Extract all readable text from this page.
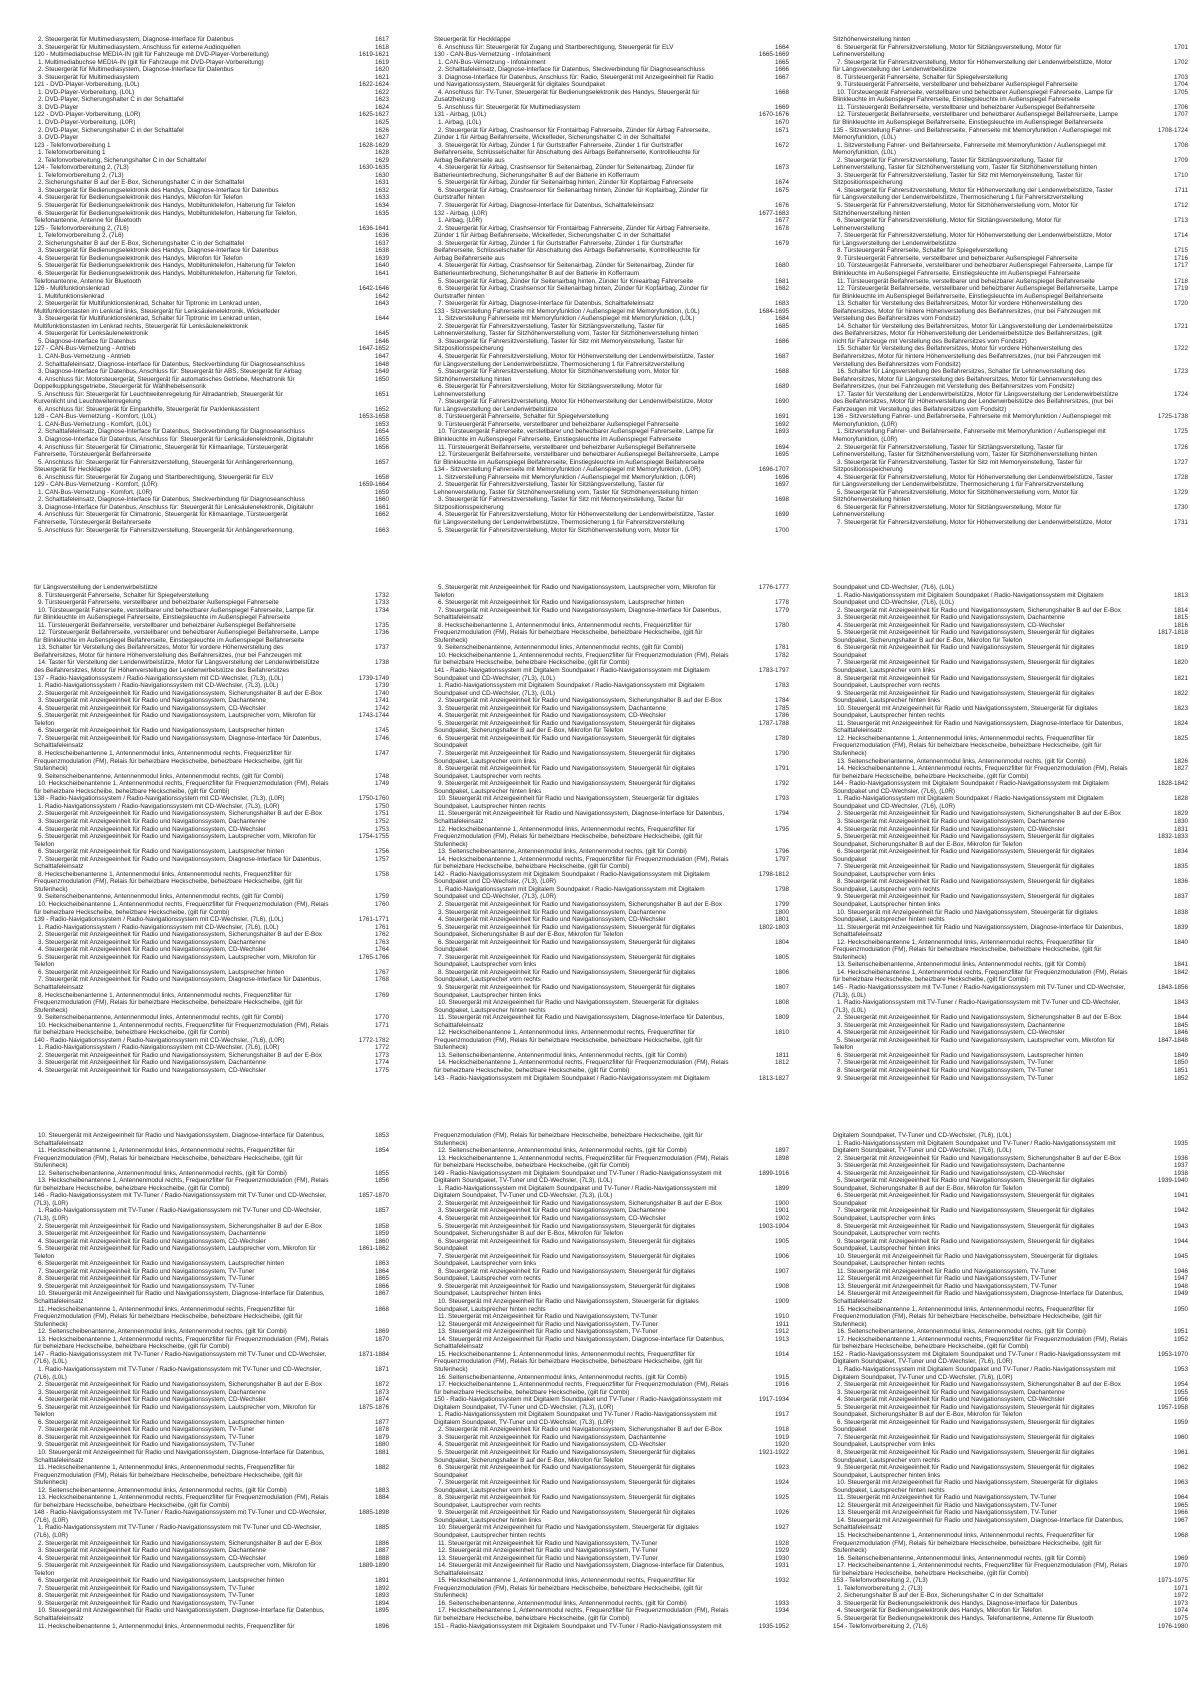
2. Steuergerät für Multimediasystem, Diagnose-Interface für Datenbus	1617
3. Steuergerät für Multimediasystem, Anschluss für externe Audioquellen	1618
120 - Multimediabuchse MEDIA-IN (gilt für Fahrzeuge mit DVD-Player-Vorbereitung)	1619-1621
1. Multimediabuchse MEDIA-IN (gilt für Fahrzeuge mit DVD-Player-Vorbereitung)	1619
2. Steuergerät für Multimediasystem, Diagnose-Interface für Datenbus	1620
3. Steuergerät für Multimediasystem	1621
121 - DVD-Player-Vorbereitung, (L0L)	1622-1624
1. DVD-Player-Vorbereitung, (L0L)	1622
2. DVD-Player, Sicherungshalter C in der Schalttafel	1623
3. DVD-Player	1624
122 - DVD-Player-Vorbereitung, (L0R)	1625-1627
1. DVD-Player-Vorbereitung, (L0R)	1625
2. DVD-Player, Sicherungshalter C in der Schalttafel	1626
3. DVD-Player	1627
123 - Telefonvorbereitung 1	1628-1629
1. Telefonvorbereitung 1	1628
2. Telefonvorbereitung, Sicherungshalter C in der Schalttafel	1629
124 - Telefonvorbereitung 2, (7L3)	1630-1635
1. Telefonvorbereitung 2, (7L3)	1630
2. Sicherungshalter B auf der E-Box, Sicherungshalter C in der Schalttafel	1631
3. Steuergerät für Bedienungselektronik des Handys, Diagnose-Interface für Datenbus	1632
4. Steuergerät für Bedienungselektronik des Handys, Mikrofon für Telefon	1633
5. Steuergerät für Bedienungselektronik des Handys, Mobiltunktelefon, Halterung für Telefon	1634
6. Steuergerät für Bedienungselektronik des Handys, Mobiltunktelefon, Halterung für Telefon,	1635
Telefonantenne, Antenne für Bluetooth
125 - Telefonvorbereitung 2, (7L6)	1636-1641
1. Telefonvorbereitung 2, (7L6)	1636
2. Sicherungshalter B auf der E-Box, Sicherungshalter C in der Schalttafel	1637
3. Steuergerät für Bedienungselektronik des Handys, Diagnose-Interface für Datenbus	1638
4. Steuergerät für Bedienungselektronik des Handys, Mikrofon für Telefon	1639
5. Steuergerät für Bedienungselektronik des Handys, Mobiltunktelefon, Halterung für Telefon	1640
6. Steuergerät für Bedienungselektronik des Handys, Mobiltunktelefon, Halterung für Telefon,	1641
Telefonantenne, Antenne für Bluetooth
126 - Multifunktionslenkrad	1642-1646
1. Multifunktionslenkrad	1642
2. Steuergerät für Multifunktionslenkrad, Schalter für Tiptronic im Lenkrad unten,	1643
Multifunktionstasten im Lenkrad links, Steuergerät für Lenksäulenelektronik, Wickelfeder
3. Steuergerät für Multifunktionslenkrad, Schalter für Tiptronic im Lenkrad unten,	1644
Multifunktionstasten im Lenkrad rechts, Steuergerät für Lenksäulenelektronik
4. Steuergerät für Lenksäulenelektronik	1645
5. Diagnose-Interface für Datenbus	1646
127 - CAN-Bus-Vernetzung - Antrieb	1647-1652
1. CAN-Bus-Vernetzung - Antrieb	1647
2. Schalttafeleinsatz, Diagnose-Interface für Datenbus, Steckverbindung für Diagnoseanschluss	1648
3. Diagnose-Interface für Datenbus, Anschluss für: Steuergerät für ABS, Steuergerät für Airbag	1649
4. Anschluss für: Motorsteuergerät, Steuergerät für automatisches Getriebe, Mechatronik für	1650
Doppelkupplungsgetriebe, Steuergerät für Wählhebelsensorik
5. Anschluss für: Steuergerät für Leuchtweitenregelung für Allradantrieb, Steuergerät für	1651
Kurvenlicht und Leuchtweitenregelung
6. Anschluss für: Steuergerät für Einparkhilfe, Steuergerät für Parklenkassistent	1652
128 - CAN-Bus-Vernetzung - Komfort, (L0L)	1653-1658
1. CAN-Bus-Vernetzung - Komfort, (L0L)	1653
2. Schalttafeleinsatz, Diagnose-Interface für Datenbus, Steckverbindung für Diagnoseanschluss	1654
3. Diagnose-Interface für Datenbus, Anschluss für: Steuergerät für Lenksäulenelektronik, Digitaluhr	1655
4. Anschluss für: Steuergerät für Climatronic, Steuergerät für Klimaanlage, Türsteuergerät	1656
Fahrerseite, Türsteuergerät Beifahrerseite
5. Anschluss für: Steuergerät für Fahrersitzverstellung, Steuergerät für Anhängererkennung,	1657
Steuergerät für Heckklappe
6. Anschluss für: Steuergerät für Zugang und Startberechtigung, Steuergerät für ELV	1658
129 - CAN-Bus-Vernetzung - Komfort, (L0R)	1659-1664
1. CAN-Bus-Vernetzung - Komfort, (L0R)	1659
2. Schalttafeleinsatz, Diagnose-Interface für Datenbus, Steckverbindung für Diagnoseanschluss	1660
3. Diagnose-Interface für Datenbus, Anschluss für: Steuergerät für Lenksäulenelektronik, Digitaluhr	1661
4. Anschluss für: Steuergerät für Climatronic, Steuergerät für Klimaanlage, Türsteuergerät	1662
Fahrerseite, Türsteuergerät Beifahrerseite
5. Anschluss für: Steuergerät für Fahrersitzverstellung, Steuergerät für Anhängererkennung,	1663
Steuergerät für Heckklappe
6. Anschluss für: Steuergerät für Zugang und Startberechtigung, Steuergerät für ELV	1664
130 - CAN-Bus-Vernetzung - Infotainment	1665-1669
1. CAN-Bus-Vernetzung - Infotainment	1665
2. Schalttafeleinsatz, Diagnose-Interface für Datenbus, Steckverbindung für Diagnoseanschluss	1666
3. Diagnose-Interface für Datenbus, Anschluss für: Radio, Steuergerät mit Anzeigeeinheit für Radio	1667
und Navigationssystem, Steuergerät für digitales Soundpaket
4. Anschluss für: TV-Tuner, Steuergerät für Bedienungselektronik des Handys, Steuergerät für	1668
Zusatzheizung
5. Anschluss für: Steuergerät für Multimediasystem	1669
131 - Airbag, (L0L)	1670-1676
1. Airbag, (L0L)	1670
2. Steuergerät für Airbag, Crashsensor für Frontairbag Fahrerseite, Zünder für Airbag Fahrerseite,	1671
Zünder 1 für Airbag Beifahrerseite, Wickelfeder, Sicherungshalter C in der Schalttafel
3. Steuergerät für Airbag, Zünder 1 für Gurtstraffer Fahrerseite, Zünder 1 für Gurtstraffer	1672
Beifahrerseite, Schlüsselschalter für Abschaltung des Airbags Beifahrerseite, Kontrollleuchte für
Airbag Beifahrerseite aus
4. Steuergerät für Airbag, Crashsensor für Seitenairbag, Zünder für Seitenairbag, Zünder für	1673
Batterieunterbrechung, Sicherungshalter B auf der Batterie im Kofferraum
5. Steuergerät für Airbag, Zünder für Seitenairbag hinten, Zünder für Kopfairbag Fahrerseite	1674
6. Steuergerät für Airbag, Crashsensor für Seitenairbag hinten, Zünder für Kopfairbag, Zünder für	1675
Gurtstraffer hinten
7. Steuergerät für Airbag, Diagnose-Interface für Datenbus, Schalttafeleinsatz	1676
132 - Airbag, (L0R)	1677-1683
1. Airbag, (L0R)	1677
2. Steuergerät für Airbag, Crashsensor für Frontairbag Fahrerseite, Zünder für Airbag Fahrerseite,	1678
Zünder 1 für Airbag Beifahrerseite, Wickelfeder, Sicherungshalter C in der Schalttafel
3. Steuergerät für Airbag, Zünder 1 für Gurtstraffer Fahrerseite, Zünder 1 für Gurtstraffer	1679
Beifahrerseite, Schlüsselschalter für Abschaltung des Airbags Beifahrerseite, Kontrollleuchte für
Airbag Beifahrerseite aus
4. Steuergerät für Airbag, Crashsensor für Seitenairbag, Zünder für Seitenairbag, Zünder für	1680
Batterieunterbrechung, Sicherungshalter B auf der Batterie im Kofferraum
5. Steuergerät für Airbag, Zünder für Seitenairbag hinten, Zünder für Knieairbag Fahrerseite	1681
6. Steuergerät für Airbag, Crashsensor für Seitenairbag hinten, Zünder für Kopfairbag, Zünder für	1682
Gurtstraffer hinten
7. Steuergerät für Airbag, Diagnose-Interface für Datenbus, Schalttafeleinsatz	1683
133 - Sitzverstellung Fahrerseite mit Memoryfunktion / Außenspiegel mit Memoryfunktion, (L0L)	1684-1695
1. Sitzverstellung Fahrerseite mit Memoryfunktion / Außenspiegel mit Memoryfunktion, (L0L)	1684
2. Steuergerät für Fahrersitzverstellung, Taster für Sitzlängsverstellung, Taster für	1685
Lehnenverstellung, Taster für Sitzhöhenverstellung vorn, Taster für Sitzhöhenverstellung hinten
3. Steuergerät für Fahrersitzverstellung, Taster für Sitz mit Memoryeinstellung, Taster für	1686
Sitzpositionsspeicherung
4. Steuergerät für Fahrersitzverstellung, Motor für Höhenverstellung der Lendenwirbelstütze, Taster	1687
für Längsverstellung der Lendenwirbelstütze, Thermosicherung 1 für Fahrersitzverstellung
5. Steuergerät für Fahrersitzverstellung, Motor für Sitzhöhenverstellung vorn, Motor für	1688
Sitzhöhenverstellung hinten
6. Steuergerät für Fahrersitzverstellung, Motor für Sitzlängsverstellung, Motor für	1689
Lehnenverstellung
7. Steuergerät für Fahrersitzverstellung, Motor für Höhenverstellung der Lendenwirbelstütze, Motor	1690
für Längsverstellung der Lendenwirbelstütze
8. Türsteuergerät Fahrerseite, Schalter für Spiegelverstellung	1691
9. Türsteuergerät Fahrerseite, verstellbarer und beheizbarer Außenspiegel Fahrerseite	1692
10. Türsteuergerät Fahrerseite, verstellbarer und beheizbarer Außenspiegel Fahrerseite, Lampe für	1693
Blinkleuchte im Außenspiegel Fahrerseite, Einstiegsleuchte im Außenspiegel Fahrerseite
11. Türsteuergerät Beifahrerseite, verstellbarer und beheizbarer Außenspiegel Beifahrerseite	1694
12. Türsteuergerät Beifahrerseite, verstellbarer und beheizbarer Außenspiegel Beifahrerseite, Lampe	1695
für Blinkleuchte im Außenspiegel Beifahrerseite, Einstiegsleuchte im Außenspiegel Beifahrerseite
134 - Sitzverstellung Fahrerseite mit Memoryfunktion / Außenspiegel mit Memoryfunktion, (L0R)	1696-1707
1. Sitzverstellung Fahrerseite mit Memoryfunktion / Außenspiegel mit Memoryfunktion, (L0R)	1696
2. Steuergerät für Fahrersitzverstellung, Taster für Sitzlängsverstellung, Taster für	1697
Lehnenverstellung, Taster für Sitzhöhenverstellung vorn, Taster für Sitzhöhenverstellung hinten
3. Steuergerät für Fahrersitzverstellung, Taster für Sitz mit Memoryeinstellung, Taster für	1698
Sitzpositionsspeicherung
4. Steuergerät für Fahrersitzverstellung, Motor für Höhenverstellung der Lendenwirbelstütze, Taster	1699
für Längsverstellung der Lendenwirbelstütze, Thermosicherung 1 für Fahrersitzverstellung
5. Steuergerät für Fahrersitzverstellung, Motor für Sitzhöhenverstellung vorn, Motor für	1700
Sitzhöhenverstellung hinten
6. Steuergerät für Fahrersitzverstellung, Motor für Sitzlängsverstellung, Motor für	1701
Lehnenverstellung
7. Steuergerät für Fahrersitzverstellung, Motor für Höhenverstellung der Lendenwirbelstütze, Motor	1702
für Längsverstellung der Lendenwirbelstütze
8. Türsteuergerät Fahrerseite, Schalter für Spiegelverstellung	1703
9. Türsteuergerät Fahrerseite, verstellbarer und beheizbarer Außenspiegel Fahrerseite	1704
10. Türsteuergerät Fahrerseite, verstellbarer und beheizbarer Außenspiegel Fahrerseite, Lampe für	1705
Blinkleuchte im Außenspiegel Fahrerseite, Einstiegsleuchte im Außenspiegel Fahrerseite
11. Türsteuergerät Beifahrerseite, verstellbarer und beheizbarer Außenspiegel Beifahrerseite	1706
12. Türsteuergerät Beifahrerseite, verstellbarer und beheizbarer Außenspiegel Beifahrerseite, Lampe	1707
für Blinkleuchte im Außenspiegel Beifahrerseite, Einstiegsleuchte im Außenspiegel Beifahrerseite
135 - Sitzverstellung Fahrer- und Beifahrerseite, Fahrerseite mit Memoryfunktion / Außenspiegel mit	1708-1724
Memoryfunktion, (L0L)
1. Sitzverstellung Fahrer- und Beifahrerseite, Fahrerseite mit Memoryfunktion / Außenspiegel mit	1708
Memoryfunktion, (L0L)
2. Steuergerät für Fahrersitzverstellung, Taster für Sitzlängsverstellung, Taster für	1709
Lehnenverstellung, Taster für Sitzhöhenverstellung vorn, Taster für Sitzhöhenverstellung hinten
3. Steuergerät für Fahrersitzverstellung, Taster für Sitz mit Memoryeinstellung, Taster für	1710
Sitzpositionsspeicherung
4. Steuergerät für Fahrersitzverstellung, Motor für Höhenverstellung der Lendenwirbelstütze, Taster	1711
für Längsverstellung der Lendenwirbelstütze, Thermosicherung 1 für Fahrersitzverstellung
5. Steuergerät für Fahrersitzverstellung, Motor für Sitzhöhenverstellung vorn, Motor für	1712
Sitzhöhenverstellung hinten
6. Steuergerät für Fahrersitzverstellung, Motor für Sitzlängsverstellung, Motor für	1713
Lehnenverstellung
7. Steuergerät für Fahrersitzverstellung, Motor für Höhenverstellung der Lendenwirbelstütze, Motor	1714
für Längsverstellung der Lendenwirbelstütze
8. Türsteuergerät Fahrerseite, Schalter für Spiegelverstellung	1715
9. Türsteuergerät Fahrerseite, verstellbarer und beheizbarer Außenspiegel Fahrerseite	1716
10. Türsteuergerät Fahrerseite, verstellbarer und beheizbarer Außenspiegel Fahrerseite, Lampe für	1717
Blinkleuchte im Außenspiegel Fahrerseite, Einstiegsleuchte im Außenspiegel Fahrerseite
11. Türsteuergerät Beifahrerseite, verstellbarer und beheizbarer Außenspiegel Beifahrerseite	1718
12. Türsteuergerät Beifahrerseite, verstellbarer und beheizbarer Außenspiegel Beifahrerseite, Lampe	1719
für Blinkleuchte im Außenspiegel Beifahrerseite, Einstiegsleuchte im Außenspiegel Beifahrerseite
13. Schalter für Verstellung des Beifahrersitzes, Motor für vordere Höhenverstellung des	1720
Beifahrersitzes, Motor für hintere Höhenverstellung des Beifahrersitzes, (nur bei Fahrzeugen mit
Verstellung des Beifahrersitzes vom Fondsitz)
14. Schalter für Verstellung des Beifahrersitzes, Motor für Längsverstellung der Lendenwirbelstütze	1721
des Beifahrersitzes, Motor für Höhenverstellung der Lendenwirbelstütze des Beifahrersitzes, (gilt
nicht für Fahrzeuge mit Verstellung des Beifahrersitzes vom Fondsitz)
15. Schalter für Verstellung des Beifahrersitzes, Motor für vordere Höhenverstellung des	1722
Beifahrersitzes, Motor für hintere Höhenverstellung des Beifahrersitzes, (nur bei Fahrzeugen mit
Verstellung des Beifahrersitzes vom Fondsitz)
16. Schalter für Längsverstellung des Beifahrersitzes, Schalter für Lehnenverstellung des	1723
Beifahrersitzes, Motor für Längsverstellung des Beifahrersitzes, Motor für Lehnenverstellung des
Beifahrersitzes, (nur bei Fahrzeugen mit Verstellung des Beifahrersitzes vom Fondsitz)
17. Taster für Verstellung der Lendenwirbelstütze, Motor für Längsverstellung der Lendenwirbelstütze	1724
des Beifahrersitzes, Motor für Höhenverstellung der Lendenwirbelstütze des Beifahrersitzes, (nur bei
Fahrzeugen mit Verstellung des Beifahrersitzes vom Fondsitz)
136 - Sitzverstellung Fahrer- und Beifahrerseite, Fahrerseite mit Memoryfunktion / Außenspiegel mit	1725-1738
Memoryfunktion, (L0R)
1. Sitzverstellung Fahrer- und Beifahrerseite, Fahrerseite mit Memoryfunktion / Außenspiegel mit	1725
Memoryfunktion, (L0R)
2. Steuergerät für Fahrersitzverstellung, Taster für Sitzlängsverstellung, Taster für	1726
Lehnenverstellung, Taster für Sitzhöhenverstellung vorn, Taster für Sitzhöhenverstellung hinten
3. Steuergerät für Fahrersitzverstellung, Taster für Sitz mit Memoryeinstellung, Taster für	1727
Sitzpositionsspeicherung
4. Steuergerät für Fahrersitzverstellung, Motor für Höhenverstellung der Lendenwirbelstütze, Taster	1728
für Längsverstellung der Lendenwirbelstütze, Thermosicherung 1 für Fahrersitzverstellung
5. Steuergerät für Fahrersitzverstellung, Motor für Sitzhöhenverstellung vorn, Motor für	1729
Sitzhöhenverstellung hinten
6. Steuergerät für Fahrersitzverstellung, Motor für Sitzlängsverstellung, Motor für	1730
Lehnenverstellung
7. Steuergerät für Fahrersitzverstellung, Motor für Höhenverstellung der Lendenwirbelstütze, Motor	1731
für Längsverstellung der Lendenwirbelstütze
8. Türsteuergerät Fahrerseite, Schalter für Spiegelverstellung	1732
9. Türsteuergerät Fahrerseite, verstellbarer und beheizbarer Außenspiegel Fahrerseite	1733
10. Türsteuergerät Fahrerseite, verstellbarer und beheizbarer Außenspiegel Fahrerseite, Lampe für	1734
für Blinkleuchte im Außenspiegel Fahrerseite, Einstiegsleuchte im Außenspiegel Fahrerseite
11. Türsteuergerät Beifahrerseite, verstellbarer und beheizbarer Außenspiegel Beifahrerseite	1735
12. Türsteuergerät Beifahrerseite, verstellbarer und beheizbarer Außenspiegel Beifahrerseite, Lampe	1736
für Blinkleuchte im Außenspiegel Beifahrerseite, Einstiegsleuchte im Außenspiegel Beifahrerseite
13. Schalter für Verstellung des Beifahrersitzes, Motor für vordere Höhenverstellung des	1737
Beifahrersitzes, Motor für hintere Höhenverstellung des Beifahrersitzes, (nur bei Fahrzeugen mit
14. Taster für Verstellung der Lendenwirbelstütze, Motor für Längsverstellung der Lendenwirbelstütze	1738
des Beifahrersitzes, Motor für Höhenverstellung der Lendenwirbelstütze des Beifahrersitzes
137 - Radio-Navigationssystem / Radio-Navigationssystem mit CD-Wechsler, (7L3), (L0L)	1739-1749
1. Radio-Navigationssystem / Radio-Navigationssystem mit CD-Wechsler, (7L3), (L0L)	1739
2. Steuergerät mit Anzeigeeinheit für Radio und Navigationssystem, Sicherungshalter B auf der E-Box	1740
3. Steuergerät mit Anzeigeeinheit für Radio und Navigationssystem, Dachantenne	1741
4. Steuergerät mit Anzeigeeinheit für Radio und Navigationssystem, CD-Wechsler	1742
5. Steuergerät mit Anzeigeeinheit für Radio und Navigationssystem, Lautsprecher vorn, Mikrofon für	1743-1744
Telefon
6. Steuergerät mit Anzeigeeinheit für Radio und Navigationssystem, Lautsprecher hinten	1745
7. Steuergerät mit Anzeigeeinheit für Radio und Navigationssystem, Diagnose-Interface für Datenbus,	1746
Schalttafeleinsatz
8. Heckscheibenantenne 1, Antennenmodul links, Antennenmodul rechts, Frequenzfilter für	1747
Frequenzmodulation (FM), Relais für beheizbare Heckscheibe, beheizbare Heckscheibe, (gilt für
Stufenheck)
9. Seitenscheibenantenne, Antennenmodul links, Antennenmodul rechts, (gilt für Combi)	1748
10. Heckscheibenantenne 1, Antennenmodul rechts, Frequenzfilter für Frequenzmodulation (FM), Relais	1749
für beheizbare Heckscheibe, beheizbare Heckscheibe, (gilt für Combi)
138 - Radio-Navigationssystem / Radio-Navigationssystem mit CD-Wechsler, (7L3), (L0R)	1750-1760
1. Radio-Navigationssystem / Radio-Navigationssystem mit CD-Wechsler, (7L3), (L0R)	1750
2. Steuergerät mit Anzeigeeinheit für Radio und Navigationssystem, Sicherungshalter B auf der E-Box	1751
3. Steuergerät mit Anzeigeeinheit für Radio und Navigationssystem, Dachantenne	1752
4. Steuergerät mit Anzeigeeinheit für Radio und Navigationssystem, CD-Wechsler	1753
5. Steuergerät mit Anzeigeeinheit für Radio und Navigationssystem, Lautsprecher vorn, Mikrofon für	1754-1755
Telefon
6. Steuergerät mit Anzeigeeinheit für Radio und Navigationssystem, Lautsprecher hinten	1756
7. Steuergerät mit Anzeigeeinheit für Radio und Navigationssystem, Diagnose-Interface für Datenbus,	1757
Schalttafeleinsatz
8. Heckscheibenantenne 1, Antennenmodul links, Antennenmodul rechts, Frequenzfilter für	1758
Frequenzmodulation (FM), Relais für beheizbare Heckscheibe, beheizbare Heckscheibe, (gilt für
Stufenheck)
9. Seitenscheibenantenne, Antennenmodul links, Antennenmodul rechts, (gilt für Combi)	1759
10. Heckscheibenantenne 1, Antennenmodul rechts, Frequenzfilter für Frequenzmodulation (FM), Relais	1760
für beheizbare Heckscheibe, beheizbare Heckscheibe, (gilt für Combi)
139 - Radio-Navigationssystem / Radio-Navigationssystem mit CD-Wechsler, (7L6), (L0L)	1761-1771
1. Radio-Navigationssystem / Radio-Navigationssystem mit CD-Wechsler, (7L6), (L0L)	1761
2. Steuergerät mit Anzeigeeinheit für Radio und Navigationssystem, Sicherungshalter B auf der E-Box	1762
3. Steuergerät mit Anzeigeeinheit für Radio und Navigationssystem, Dachantenne	1763
4. Steuergerät mit Anzeigeeinheit für Radio und Navigationssystem, CD-Wechsler	1764
5. Steuergerät mit Anzeigeeinheit für Radio und Navigationssystem, Lautsprecher vorn, Mikrofon für	1765-1766
Telefon
6. Steuergerät mit Anzeigeeinheit für Radio und Navigationssystem, Lautsprecher hinten	1767
7. Steuergerät mit Anzeigeeinheit für Radio und Navigationssystem, Diagnose-Interface für Datenbus,	1768
Schalttafeleinsatz
8. Heckscheibenantenne 1, Antennenmodul links, Antennenmodul rechts, Frequenzfilter für	1769
Frequenzmodulation (FM), Relais für beheizbare Heckscheibe, beheizbare Heckscheibe, (gilt für
Stufenheck)
9. Seitenscheibenantenne, Antennenmodul links, Antennenmodul rechts, (gilt für Combi)	1770
10. Heckscheibenantenne 1, Antennenmodul rechts, Frequenzfilter für Frequenzmodulation (FM), Relais	1771
für beheizbare Heckscheibe, beheizbare Heckscheibe, (gilt für Combi)
140 - Radio-Navigationssystem / Radio-Navigationssystem mit CD-Wechsler, (7L6), (L0R)	1772-1782
1. Radio-Navigationssystem / Radio-Navigationssystem mit CD-Wechsler, (7L6), (L0R)	1772
2. Steuergerät mit Anzeigeeinheit für Radio und Navigationssystem, Sicherungshalter B auf der E-Box	1773
3. Steuergerät mit Anzeigeeinheit für Radio und Navigationssystem, Dachantenne	1774
4. Steuergerät mit Anzeigeeinheit für Radio und Navigationssystem, CD-Wechsler	1775
5. Steuergerät mit Anzeigeeinheit für Radio und Navigationssystem, Lautsprecher vorn, Mikrofon für	1776-1777
Telefon
6. Steuergerät mit Anzeigeeinheit für Radio und Navigationssystem, Lautsprecher hinten	1778
7. Steuergerät mit Anzeigeeinheit für Radio und Navigationssystem, Diagnose-Interface für Datenbus,	1779
Schalttafeleinsatz
8. Heckscheibenantenne 1, Antennenmodul links, Antennenmodul rechts, Frequenzfilter für	1780
Frequenzmodulation (FM), Relais für beheizbare Heckscheibe, beheizbare Heckscheibe, (gilt für
Stufenheck)
9. Seitenscheibenantenne, Antennenmodul links, Antennenmodul rechts, (gilt für Combi)	1781
10. Heckscheibenantenne 1, Antennenmodul rechts, Frequenzfilter für Frequenzmodulation (FM), Relais	1782
für beheizbare Heckscheibe, beheizbare Heckscheibe, (gilt für Combi)
141 - Radio-Navigationssystem mit Digitalem Soundpaket / Radio-Navigationssystem mit Digitalem	1783-1797
Soundpaket und CD-Wechsler, (7L3), (L0L)
1. Radio-Navigationssystem mit Digitalem Soundpaket / Radio-Navigationssystem mit Digitalem	1783
Soundpaket und CD-Wechsler, (7L3), (L0L)
2. Steuergerät mit Anzeigeeinheit für Radio und Navigationssystem, Sicherungshalter B auf der E-Box	1784
3. Steuergerät mit Anzeigeeinheit für Radio und Navigationssystem, Dachantenne	1785
4. Steuergerät mit Anzeigeeinheit für Radio und Navigationssystem, CD-Wechsler	1786
5. Steuergerät mit Anzeigeeinheit für Radio und Navigationssystem, Steuergerät für digitales	1787-1788
Soundpaket, Sicherungshalter B auf der E-Box, Mikrofon für Telefon
6. Steuergerät mit Anzeigeeinheit für Radio und Navigationssystem, Steuergerät für digitales	1789
Soundpaket
7. Steuergerät mit Anzeigeeinheit für Radio und Navigationssystem, Steuergerät für digitales	1790
Soundpaket, Lautsprecher vorn links
8. Steuergerät mit Anzeigeeinheit für Radio und Navigationssystem, Steuergerät für digitales	1791
Soundpaket, Lautsprecher vorn rechts
9. Steuergerät mit Anzeigeeinheit für Radio und Navigationssystem, Steuergerät für digitales	1792
Soundpaket, Lautsprecher hinten links
10. Steuergerät mit Anzeigeeinheit für Radio und Navigationssystem, Steuergerät für digitales	1793
Soundpaket, Lautsprecher hinten rechts
11. Steuergerät mit Anzeigeeinheit für Radio und Navigationssystem, Diagnose-Interface für Datenbus,	1794
Schalttafeleinsatz
12. Heckscheibenantenne 1, Antennenmodul links, Antennenmodul rechts, Frequenzfilter für	1795
Frequenzmodulation (FM), Relais für beheizbare Heckscheibe, beheizbare Heckscheibe, (gilt für
Stufenheck)
13. Seitenscheibenantenne, Antennenmodul links, Antennenmodul rechts, (gilt für Combi)	1796
14. Heckscheibenantenne 1, Antennenmodul rechts, Frequenzfilter für Frequenzmodulation (FM), Relais	1797
für beheizbare Heckscheibe, beheizbare Heckscheibe, (gilt für Combi)
142 - Radio-Navigationssystem mit Digitalem Soundpaket / Radio-Navigationssystem mit Digitalem	1798-1812
Soundpaket und CD-Wechsler, (7L3), (L0R)
1. Radio-Navigationssystem mit Digitalem Soundpaket / Radio-Navigationssystem mit Digitalem	1798
Soundpaket und CD-Wechsler, (7L3), (L0R)
2. Steuergerät mit Anzeigeeinheit für Radio und Navigationssystem, Sicherungshalter B auf der E-Box	1799
3. Steuergerät mit Anzeigeeinheit für Radio und Navigationssystem, Dachantenne	1800
4. Steuergerät mit Anzeigeeinheit für Radio und Navigationssystem, CD-Wechsler	1801
5. Steuergerät mit Anzeigeeinheit für Radio und Navigationssystem, Steuergerät für digitales	1802-1803
Soundpaket, Sicherungshalter B auf der E-Box, Mikrofon für Telefon
6. Steuergerät mit Anzeigeeinheit für Radio und Navigationssystem, Steuergerät für digitales	1804
Soundpaket
7. Steuergerät mit Anzeigeeinheit für Radio und Navigationssystem, Steuergerät für digitales	1805
Soundpaket, Lautsprecher vorn links
8. Steuergerät mit Anzeigeeinheit für Radio und Navigationssystem, Steuergerät für digitales	1806
Soundpaket, Lautsprecher vorn rechts
9. Steuergerät mit Anzeigeeinheit für Radio und Navigationssystem, Steuergerät für digitales	1807
Soundpaket, Lautsprecher hinten links
10. Steuergerät mit Anzeigeeinheit für Radio und Navigationssystem, Steuergerät für digitales	1808
Soundpaket, Lautsprecher hinten rechts
11. Steuergerät mit Anzeigeeinheit für Radio und Navigationssystem, Diagnose-Interface für Datenbus,	1809
Schalttafeleinsatz
12. Heckscheibenantenne 1, Antennenmodul links, Antennenmodul rechts, Frequenzfilter für	1810
Frequenzmodulation (FM), Relais für beheizbare Heckscheibe, beheizbare Heckscheibe, (gilt für
Stufenheck)
13. Seitenscheibenantenne, Antennenmodul links, Antennenmodul rechts, (gilt für Combi)	1811
14. Heckscheibenantenne 1, Antennenmodul rechts, Frequenzfilter für Frequenzmodulation (FM), Relais	1812
für beheizbare Heckscheibe, beheizbare Heckscheibe, (gilt für Combi)
143 - Radio-Navigationssystem mit Digitalem Soundpaket / Radio-Navigationssystem mit Digitalem	1813-1827
Soundpaket und CD-Wechsler, (7L6), (L0L)
1. Radio-Navigationssystem mit Digitalem Soundpaket / Radio-Navigationssystem mit Digitalem	1813
Soundpaket und CD-Wechsler, (7L6), (L0L)
2. Steuergerät mit Anzeigeeinheit für Radio und Navigationssystem, Sicherungshalter B auf der E-Box	1814
3. Steuergerät mit Anzeigeeinheit für Radio und Navigationssystem, Dachantenne	1815
4. Steuergerät mit Anzeigeeinheit für Radio und Navigationssystem, CD-Wechsler	1816
5. Steuergerät mit Anzeigeeinheit für Radio und Navigationssystem, Steuergerät für digitales	1817-1818
Soundpaket, Sicherungshalter B auf der E-Box, Mikrofon für Telefon
6. Steuergerät mit Anzeigeeinheit für Radio und Navigationssystem, Steuergerät für digitales	1819
Soundpaket
7. Steuergerät mit Anzeigeeinheit für Radio und Navigationssystem, Steuergerät für digitales	1820
Soundpaket, Lautsprecher vorn links
8. Steuergerät mit Anzeigeeinheit für Radio und Navigationssystem, Steuergerät für digitales	1821
Soundpaket, Lautsprecher vorn rechts
9. Steuergerät mit Anzeigeeinheit für Radio und Navigationssystem, Steuergerät für digitales	1822
Soundpaket, Lautsprecher hinten links
10. Steuergerät mit Anzeigeeinheit für Radio und Navigationssystem, Steuergerät für digitales	1823
Soundpaket, Lautsprecher hinten rechts
11. Steuergerät mit Anzeigeeinheit für Radio und Navigationssystem, Diagnose-Interface für Datenbus,	1824
Schalttafeleinsatz
12. Heckscheibenantenne 1, Antennenmodul links, Antennenmodul rechts, Frequenzfilter für	1825
Frequenzmodulation (FM), Relais für beheizbare Heckscheibe, beheizbare Heckscheibe, (gilt für
Stufenheck)
13. Seitenscheibenantenne, Antennenmodul links, Antennenmodul rechts, (gilt für Combi)	1826
14. Heckscheibenantenne 1, Antennenmodul rechts, Frequenzfilter für Frequenzmodulation (FM), Relais	1827
für beheizbare Heckscheibe, beheizbare Heckscheibe, (gilt für Combi)
144 - Radio-Navigationssystem mit Digitalem Soundpaket / Radio-Navigationssystem mit Digitalem	1828-1842
Soundpaket und CD-Wechsler, (7L6), (L0R)
1. Radio-Navigationssystem mit Digitalem Soundpaket / Radio-Navigationssystem mit Digitalem	1828
Soundpaket und CD-Wechsler, (7L6), (L0R)
2. Steuergerät mit Anzeigeeinheit für Radio und Navigationssystem, Sicherungshalter B auf der E-Box	1829
3. Steuergerät mit Anzeigeeinheit für Radio und Navigationssystem, Dachantenne	1830
4. Steuergerät mit Anzeigeeinheit für Radio und Navigationssystem, CD-Wechsler	1831
5. Steuergerät mit Anzeigeeinheit für Radio und Navigationssystem, Steuergerät für digitales	1832-1833
Soundpaket, Sicherungshalter B auf der E-Box, Mikrofon für Telefon
6. Steuergerät mit Anzeigeeinheit für Radio und Navigationssystem, Steuergerät für digitales	1834
Soundpaket
7. Steuergerät mit Anzeigeeinheit für Radio und Navigationssystem, Steuergerät für digitales	1835
Soundpaket, Lautsprecher vorn links
8. Steuergerät mit Anzeigeeinheit für Radio und Navigationssystem, Steuergerät für digitales	1836
Soundpaket, Lautsprecher vorn rechts
9. Steuergerät mit Anzeigeeinheit für Radio und Navigationssystem, Steuergerät für digitales	1837
Soundpaket, Lautsprecher hinten links
10. Steuergerät mit Anzeigeeinheit für Radio und Navigationssystem, Steuergerät für digitales	1838
Soundpaket, Lautsprecher hinten rechts
11. Steuergerät mit Anzeigeeinheit für Radio und Navigationssystem, Diagnose-Interface für Datenbus,	1839
Schalttafeleinsatz
12. Heckscheibenantenne 1, Antennenmodul links, Antennenmodul rechts, Frequenzfilter für	1840
Frequenzmodulation (FM), Relais für beheizbare Heckscheibe, beheizbare Heckscheibe, (gilt für
Stufenheck)
13. Seitenscheibenantenne, Antennenmodul links, Antennenmodul rechts, (gilt für Combi)	1841
14. Heckscheibenantenne 1, Antennenmodul rechts, Frequenzfilter für Frequenzmodulation (FM), Relais	1842
für beheizbare Heckscheibe, beheizbare Heckscheibe, (gilt für Combi)
145 - Radio-Navigationssystem mit TV-Tuner / Radio-Navigationssystem mit TV-Tuner und CD-Wechsler,	1843-1856
(7L3), (L0L)
1. Radio-Navigationssystem mit TV-Tuner / Radio-Navigationssystem mit TV-Tuner und CD-Wechsler,	1843
(7L3), (L0L)
2. Steuergerät mit Anzeigeeinheit für Radio und Navigationssystem, Sicherungshalter B auf der E-Box	1844
3. Steuergerät mit Anzeigeeinheit für Radio und Navigationssystem, Dachantenne	1845
4. Steuergerät mit Anzeigeeinheit für Radio und Navigationssystem, CD-Wechsler	1846
5. Steuergerät mit Anzeigeeinheit für Radio und Navigationssystem, Lautsprecher vorn, Mikrofon für	1847-1848
Telefon
6. Steuergerät mit Anzeigeeinheit für Radio und Navigationssystem, Lautsprecher hinten	1849
7. Steuergerät mit Anzeigeeinheit für Radio und Navigationssystem, TV-Tuner	1850
8. Steuergerät mit Anzeigeeinheit für Radio und Navigationssystem, TV-Tuner	1851
9. Steuergerät mit Anzeigeeinheit für Radio und Navigationssystem, TV-Tuner	1852
10. Steuergerät mit Anzeigeeinheit für Radio und Navigationssystem, Diagnose-Interface für Datenbus,	1853
Schalttafeleinsatz
11. Heckscheibenantenne 1, Antennenmodul links, Antennenmodul rechts, Frequenzfilter für	1854
Frequenzmodulation (FM), Relais für beheizbare Heckscheibe, beheizbare Heckscheibe, (gilt für
Stufenheck)
12. Seitenscheibenantenne, Antennenmodul links, Antennenmodul rechts, (gilt für Combi)	1855
13. Heckscheibenantenne 1, Antennenmodul rechts, Frequenzfilter für Frequenzmodulation (FM), Relais	1856
für beheizbare Heckscheibe, beheizbare Heckscheibe, (gilt für Combi)
146 - Radio-Navigationssystem mit TV-Tuner / Radio-Navigationssystem mit TV-Tuner und CD-Wechsler,	1857-1870
(7L3), (L0R)
1. Radio-Navigationssystem mit TV-Tuner / Radio-Navigationssystem mit TV-Tuner und CD-Wechsler,	1857
(7L3), (L0R)
2. Steuergerät mit Anzeigeeinheit für Radio und Navigationssystem, Sicherungshalter B auf der E-Box	1858
3. Steuergerät mit Anzeigeeinheit für Radio und Navigationssystem, Dachantenne	1859
4. Steuergerät mit Anzeigeeinheit für Radio und Navigationssystem, CD-Wechsler	1860
5. Steuergerät mit Anzeigeeinheit für Radio und Navigationssystem, Lautsprecher vorn, Mikrofon für	1861-1862
Telefon
6. Steuergerät mit Anzeigeeinheit für Radio und Navigationssystem, Lautsprecher hinten	1863
7. Steuergerät mit Anzeigeeinheit für Radio und Navigationssystem, TV-Tuner	1864
8. Steuergerät mit Anzeigeeinheit für Radio und Navigationssystem, TV-Tuner	1865
9. Steuergerät mit Anzeigeeinheit für Radio und Navigationssystem, TV-Tuner	1866
10. Steuergerät mit Anzeigeeinheit für Radio und Navigationssystem, Diagnose-Interface für Datenbus,	1867
Schalttafeleinsatz
11. Heckscheibenantenne 1, Antennenmodul links, Antennenmodul rechts, Frequenzfilter für	1868
Frequenzmodulation (FM), Relais für beheizbare Heckscheibe, beheizbare Heckscheibe, (gilt für
Stufenheck)
12. Seitenscheibenantenne, Antennenmodul links, Antennenmodul rechts, (gilt für Combi)	1869
13. Heckscheibenantenne 1, Antennenmodul rechts, Frequenzfilter für Frequenzmodulation (FM), Relais	1870
für beheizbare Heckscheibe, beheizbare Heckscheibe, (gilt für Combi)
147 - Radio-Navigationssystem mit TV-Tuner / Radio-Navigationssystem mit TV-Tuner und CD-Wechsler,	1871-1884
(7L6), (L0L)
1. Radio-Navigationssystem mit TV-Tuner / Radio-Navigationssystem mit TV-Tuner und CD-Wechsler,	1871
(7L6), (L0L)
2. Steuergerät mit Anzeigeeinheit für Radio und Navigationssystem, Sicherungshalter B auf der E-Box	1872
3. Steuergerät mit Anzeigeeinheit für Radio und Navigationssystem, Dachantenne	1873
4. Steuergerät mit Anzeigeeinheit für Radio und Navigationssystem, CD-Wechsler	1874
5. Steuergerät mit Anzeigeeinheit für Radio und Navigationssystem, Lautsprecher vorn, Mikrofon für	1875-1876
Telefon
6. Steuergerät mit Anzeigeeinheit für Radio und Navigationssystem, Lautsprecher hinten	1877
7. Steuergerät mit Anzeigeeinheit für Radio und Navigationssystem, TV-Tuner	1878
8. Steuergerät mit Anzeigeeinheit für Radio und Navigationssystem, TV-Tuner	1879
9. Steuergerät mit Anzeigeeinheit für Radio und Navigationssystem, TV-Tuner	1880
10. Steuergerät mit Anzeigeeinheit für Radio und Navigationssystem, Diagnose-Interface für Datenbus,	1881
Schalttafeleinsatz
11. Heckscheibenantenne 1, Antennenmodul links, Antennenmodul rechts, Frequenzfilter für	1882
Frequenzmodulation (FM), Relais für beheizbare Heckscheibe, beheizbare Heckscheibe, (gilt für
Stufenheck)
12. Seitenscheibenantenne, Antennenmodul links, Antennenmodul rechts, (gilt für Combi)	1883
13. Heckscheibenantenne 1, Antennenmodul rechts, Frequenzfilter für Frequenzmodulation (FM), Relais	1884
für beheizbare Heckscheibe, beheizbare Heckscheibe, (gilt für Combi)
148 - Radio-Navigationssystem mit TV-Tuner / Radio-Navigationssystem mit TV-Tuner und CD-Wechsler,	1885-1898
(7L6), (L0R)
1. Radio-Navigationssystem mit TV-Tuner / Radio-Navigationssystem mit TV-Tuner und CD-Wechsler,	1885
(7L6), (L0R)
2. Steuergerät mit Anzeigeeinheit für Radio und Navigationssystem, Sicherungshalter B auf der E-Box	1886
3. Steuergerät mit Anzeigeeinheit für Radio und Navigationssystem, Dachantenne	1887
4. Steuergerät mit Anzeigeeinheit für Radio und Navigationssystem, CD-Wechsler	1888
5. Steuergerät mit Anzeigeeinheit für Radio und Navigationssystem, Lautsprecher vorn, Mikrofon für	1889-1890
Telefon
6. Steuergerät mit Anzeigeeinheit für Radio und Navigationssystem, Lautsprecher hinten	1891
7. Steuergerät mit Anzeigeeinheit für Radio und Navigationssystem, TV-Tuner	1892
8. Steuergerät mit Anzeigeeinheit für Radio und Navigationssystem, TV-Tuner	1893
9. Steuergerät mit Anzeigeeinheit für Radio und Navigationssystem, TV-Tuner	1894
10. Steuergerät mit Anzeigeeinheit für Radio und Navigationssystem, Diagnose-Interface für Datenbus,	1895
Schalttafeleinsatz
11. Heckscheibenantenne 1, Antennenmodul links, Antennenmodul rechts, Frequenzfilter für	1896
Frequenzmodulation (FM), Relais für beheizbare Heckscheibe, beheizbare Heckscheibe, (gilt für
Stufenheck)
12. Seitenscheibenantenne, Antennenmodul links, Antennenmodul rechts, (gilt für Combi)	1897
13. Heckscheibenantenne 1, Antennenmodul rechts, Frequenzfilter für Frequenzmodulation (FM), Relais	1898
für beheizbare Heckscheibe, beheizbare Heckscheibe, (gilt für Combi)
149 - Radio-Navigationssystem mit Digitalem Soundpaket und TV-Tuner / Radio-Navigationssystem mit	1899-1916
Digitalem Soundpaket, TV-Tuner und CD-Wechsler, (7L3), (L0L)
1. Radio-Navigationssystem mit Digitalem Soundpaket und TV-Tuner / Radio-Navigationssystem mit	1899
Digitalem Soundpaket, TV-Tuner und CD-Wechsler, (7L3), (L0L)
2. Steuergerät mit Anzeigeeinheit für Radio und Navigationssystem, Sicherungshalter B auf der E-Box	1900
3. Steuergerät mit Anzeigeeinheit für Radio und Navigationssystem, Dachantenne	1901
4. Steuergerät mit Anzeigeeinheit für Radio und Navigationssystem, CD-Wechsler	1902
5. Steuergerät mit Anzeigeeinheit für Radio und Navigationssystem, Steuergerät für digitales	1903-1904
Soundpaket, Sicherungshalter B auf der E-Box, Mikrofon für Telefon
6. Steuergerät mit Anzeigeeinheit für Radio und Navigationssystem, Steuergerät für digitales	1905
Soundpaket
7. Steuergerät mit Anzeigeeinheit für Radio und Navigationssystem, Steuergerät für digitales	1906
Soundpaket, Lautsprecher vorn links
8. Steuergerät mit Anzeigeeinheit für Radio und Navigationssystem, Steuergerät für digitales	1907
Soundpaket, Lautsprecher vorn rechts
9. Steuergerät mit Anzeigeeinheit für Radio und Navigationssystem, Steuergerät für digitales	1908
Soundpaket, Lautsprecher hinten links
10. Steuergerät mit Anzeigeeinheit für Radio und Navigationssystem, Steuergerät für digitales	1909
Soundpaket, Lautsprecher hinten rechts
11. Steuergerät mit Anzeigeeinheit für Radio und Navigationssystem, TV-Tuner	1910
12. Steuergerät mit Anzeigeeinheit für Radio und Navigationssystem, TV-Tuner	1911
13. Steuergerät mit Anzeigeeinheit für Radio und Navigationssystem, TV-Tuner	1912
14. Steuergerät mit Anzeigeeinheit für Radio und Navigationssystem, Diagnose-Interface für Datenbus,	1913
Schalttafeleinsatz
15. Heckscheibenantenne 1, Antennenmodul links, Antennenmodul rechts, Frequenzfilter für	1914
Frequenzmodulation (FM), Relais für beheizbare Heckscheibe, beheizbare Heckscheibe, (gilt für
Stufenheck)
16. Seitenscheibenantenne, Antennenmodul links, Antennenmodul rechts, (gilt für Combi)	1915
17. Heckscheibenantenne 1, Antennenmodul rechts, Frequenzfilter für Frequenzmodulation (FM), Relais	1916
für beheizbare Heckscheibe, beheizbare Heckscheibe, (gilt für Combi)
150 - Radio-Navigationssystem mit Digitalem Soundpaket und TV-Tuner / Radio-Navigationssystem mit	1917-1934
Digitalem Soundpaket, TV-Tuner und CD-Wechsler, (7L3), (L0R)
1. Radio-Navigationssystem mit Digitalem Soundpaket und TV-Tuner / Radio-Navigationssystem mit	1917
Digitalem Soundpaket, TV-Tuner und CD-Wechsler, (7L3), (L0R)
2. Steuergerät mit Anzeigeeinheit für Radio und Navigationssystem, Sicherungshalter B auf der E-Box	1918
3. Steuergerät mit Anzeigeeinheit für Radio und Navigationssystem, Dachantenne	1919
4. Steuergerät mit Anzeigeeinheit für Radio und Navigationssystem, CD-Wechsler	1920
5. Steuergerät mit Anzeigeeinheit für Radio und Navigationssystem, Steuergerät für digitales	1921-1922
Soundpaket, Sicherungshalter B auf der E-Box, Mikrofon für Telefon
6. Steuergerät mit Anzeigeeinheit für Radio und Navigationssystem, Steuergerät für digitales	1923
Soundpaket
7. Steuergerät mit Anzeigeeinheit für Radio und Navigationssystem, Steuergerät für digitales	1924
Soundpaket, Lautsprecher vorn links
8. Steuergerät mit Anzeigeeinheit für Radio und Navigationssystem, Steuergerät für digitales	1925
Soundpaket, Lautsprecher vorn rechts
9. Steuergerät mit Anzeigeeinheit für Radio und Navigationssystem, Steuergerät für digitales	1926
Soundpaket, Lautsprecher hinten links
10. Steuergerät mit Anzeigeeinheit für Radio und Navigationssystem, Steuergerät für digitales	1927
Soundpaket, Lautsprecher hinten rechts
11. Steuergerät mit Anzeigeeinheit für Radio und Navigationssystem, TV-Tuner	1928
12. Steuergerät mit Anzeigeeinheit für Radio und Navigationssystem, TV-Tuner	1929
13. Steuergerät mit Anzeigeeinheit für Radio und Navigationssystem, TV-Tuner	1930
14. Steuergerät mit Anzeigeeinheit für Radio und Navigationssystem, Diagnose-Interface für Datenbus,	1931
Schalttafeleinsatz
15. Heckscheibenantenne 1, Antennenmodul links, Antennenmodul rechts, Frequenzfilter für	1932
Frequenzmodulation (FM), Relais für beheizbare Heckscheibe, beheizbare Heckscheibe, (gilt für
Stufenheck)
16. Seitenscheibenantenne, Antennenmodul links, Antennenmodul rechts, (gilt für Combi)	1933
17. Heckscheibenantenne 1, Antennenmodul rechts, Frequenzfilter für Frequenzmodulation (FM), Relais	1934
für beheizbare Heckscheibe, beheizbare Heckscheibe, (gilt für Combi)
151 - Radio-Navigationssystem mit Digitalem Soundpaket und TV-Tuner / Radio-Navigationssystem mit	1935-1952
Digitalem Soundpaket, TV-Tuner und CD-Wechsler, (7L6), (L0L)
1. Radio-Navigationssystem mit Digitalem Soundpaket und TV-Tuner / Radio-Navigationssystem mit	1935
Digitalem Soundpaket, TV-Tuner und CD-Wechsler, (7L6), (L0L)
2. Steuergerät mit Anzeigeeinheit für Radio und Navigationssystem, Sicherungshalter B auf der E-Box	1936
3. Steuergerät mit Anzeigeeinheit für Radio und Navigationssystem, Dachantenne	1937
4. Steuergerät mit Anzeigeeinheit für Radio und Navigationssystem, CD-Wechsler	1938
5. Steuergerät mit Anzeigeeinheit für Radio und Navigationssystem, Steuergerät für digitales	1939-1940
Soundpaket, Sicherungshalter B auf der E-Box, Mikrofon für Telefon
6. Steuergerät mit Anzeigeeinheit für Radio und Navigationssystem, Steuergerät für digitales	1941
Soundpaket
7. Steuergerät mit Anzeigeeinheit für Radio und Navigationssystem, Steuergerät für digitales	1942
Soundpaket, Lautsprecher vorn links
8. Steuergerät mit Anzeigeeinheit für Radio und Navigationssystem, Steuergerät für digitales	1943
Soundpaket, Lautsprecher vorn rechts
9. Steuergerät mit Anzeigeeinheit für Radio und Navigationssystem, Steuergerät für digitales	1944
Soundpaket, Lautsprecher hinten links
10. Steuergerät mit Anzeigeeinheit für Radio und Navigationssystem, Steuergerät für digitales	1945
Soundpaket, Lautsprecher hinten rechts
11. Steuergerät mit Anzeigeeinheit für Radio und Navigationssystem, TV-Tuner	1946
12. Steuergerät mit Anzeigeeinheit für Radio und Navigationssystem, TV-Tuner	1947
13. Steuergerät mit Anzeigeeinheit für Radio und Navigationssystem, TV-Tuner	1948
14. Steuergerät mit Anzeigeeinheit für Radio und Navigationssystem, Diagnose-Interface für Datenbus,	1949
Schalttafeleinsatz
15. Heckscheibenantenne 1, Antennenmodul links, Antennenmodul rechts, Frequenzfilter für	1950
Frequenzmodulation (FM), Relais für beheizbare Heckscheibe, beheizbare Heckscheibe, (gilt für
Stufenheck)
16. Seitenscheibenantenne, Antennenmodul links, Antennenmodul rechts, (gilt für Combi)	1951
17. Heckscheibenantenne 1, Antennenmodul rechts, Frequenzfilter für Frequenzmodulation (FM), Relais	1952
für beheizbare Heckscheibe, beheizbare Heckscheibe, (gilt für Combi)
152 - Radio-Navigationssystem mit Digitalem Soundpaket und TV-Tuner / Radio-Navigationssystem mit	1953-1970
Digitalem Soundpaket, TV-Tuner und CD-Wechsler, (7L6), (L0R)
1. Radio-Navigationssystem mit Digitalem Soundpaket und TV-Tuner / Radio-Navigationssystem mit	1953
Digitalem Soundpaket, TV-Tuner und CD-Wechsler, (7L6), (L0R)
2. Steuergerät mit Anzeigeeinheit für Radio und Navigationssystem, Sicherungshalter B auf der E-Box	1954
3. Steuergerät mit Anzeigeeinheit für Radio und Navigationssystem, Dachantenne	1955
4. Steuergerät mit Anzeigeeinheit für Radio und Navigationssystem, CD-Wechsler	1956
5. Steuergerät mit Anzeigeeinheit für Radio und Navigationssystem, Steuergerät für digitales	1957-1958
Soundpaket, Sicherungshalter B auf der E-Box, Mikrofon für Telefon
6. Steuergerät mit Anzeigeeinheit für Radio und Navigationssystem, Steuergerät für digitales	1959
Soundpaket
7. Steuergerät mit Anzeigeeinheit für Radio und Navigationssystem, Steuergerät für digitales	1960
Soundpaket, Lautsprecher vorn links
8. Steuergerät mit Anzeigeeinheit für Radio und Navigationssystem, Steuergerät für digitales	1961
Soundpaket, Lautsprecher vorn rechts
9. Steuergerät mit Anzeigeeinheit für Radio und Navigationssystem, Steuergerät für digitales	1962
Soundpaket, Lautsprecher hinten links
10. Steuergerät mit Anzeigeeinheit für Radio und Navigationssystem, Steuergerät für digitales	1963
Soundpaket, Lautsprecher hinten rechts
11. Steuergerät mit Anzeigeeinheit für Radio und Navigationssystem, TV-Tuner	1964
12. Steuergerät mit Anzeigeeinheit für Radio und Navigationssystem, TV-Tuner	1965
13. Steuergerät mit Anzeigeeinheit für Radio und Navigationssystem, TV-Tuner	1966
14. Steuergerät mit Anzeigeeinheit für Radio und Navigationssystem, Diagnose-Interface für Datenbus,	1967
Schalttafeleinsatz
15. Heckscheibenantenne 1, Antennenmodul links, Antennenmodul rechts, Frequenzfilter für	1968
Frequenzmodulation (FM), Relais für beheizbare Heckscheibe, beheizbare Heckscheibe, (gilt für
Stufenheck)
16. Seitenscheibenantenne, Antennenmodul links, Antennenmodul rechts, (gilt für Combi)	1969
17. Heckscheibenantenne 1, Antennenmodul rechts, Frequenzfilter für Frequenzmodulation (FM), Relais	1970
für beheizbare Heckscheibe, beheizbare Heckscheibe, (gilt für Combi)
153 - Telefonvorbereitung 2, (7L3)	1971-1975
1. Telefonvorbereitung 2, (7L3)	1971
2. Sicherungshalter B auf der E-Box, Sicherungshalter C in der Schalttafel	1972
3. Steuergerät für Bedienungselektronik des Handys, Diagnose-Interface für Datenbus	1973
4. Steuergerät für Bedienungselektronik des Handys, Mikrofon für Telefon	1974
5. Steuergerät für Bedienungselektronik des Handys, Telefonantenne, Antenne für Bluetooth	1975
154 - Telefonvorbereitung 2, (7L6)	1976-1980
